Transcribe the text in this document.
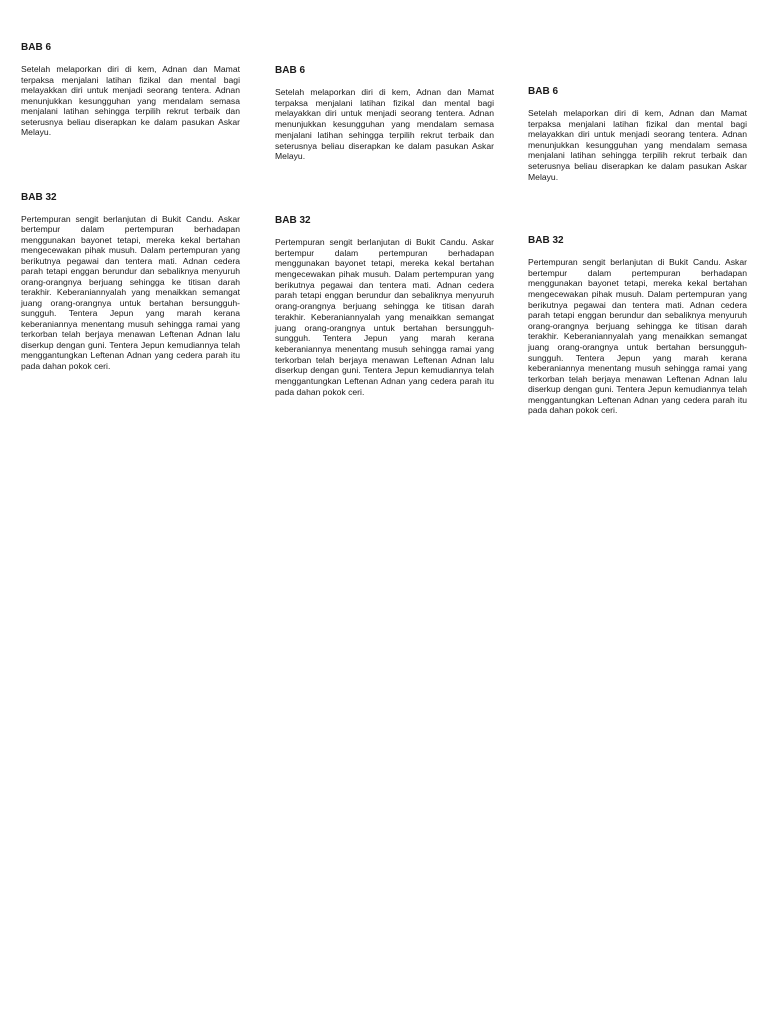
BAB 6

Setelah melaporkan diri di kem, Adnan dan Mamat terpaksa menjalani latihan fizikal dan mental bagi melayakkan diri untuk menjadi seorang tentera. Adnan menunjukkan kesungguhan yang mendalam semasa menjalani latihan sehingga terpilih rekrut terbaik dan seterusnya beliau diserapkan ke dalam pasukan Askar Melayu.

BAB 32

Pertempuran sengit berlanjutan di Bukit Candu. Askar bertempur dalam pertempuran berhadapan menggunakan bayonet tetapi, mereka kekal bertahan mengecewakan pihak musuh. Dalam pertempuran yang berikutnya pegawai dan tentera mati. Adnan cedera parah tetapi enggan berundur dan sebaliknya menyuruh orang-orangnya berjuang sehingga ke titisan darah terakhir. Keberaniannyalah yang menaikkan semangat juang orang-orangnya untuk bertahan bersungguh-sungguh. Tentera Jepun yang marah kerana keberaniannya menentang musuh sehingga ramai yang terkorban telah berjaya menawan Leftenan Adnan lalu diserkup dengan guni. Tentera Jepun kemudiannya telah menggantungkan Leftenan Adnan yang cedera parah itu pada dahan pokok ceri.

BAB 6

Setelah melaporkan diri di kem, Adnan dan Mamat terpaksa menjalani latihan fizikal dan mental bagi melayakkan diri untuk menjadi seorang tentera. Adnan menunjukkan kesungguhan yang mendalam semasa menjalani latihan sehingga terpilih rekrut terbaik dan seterusnya beliau diserapkan ke dalam pasukan Askar Melayu.

BAB 32

Pertempuran sengit berlanjutan di Bukit Candu. Askar bertempur dalam pertempuran berhadapan menggunakan bayonet tetapi, mereka kekal bertahan mengecewakan pihak musuh. Dalam pertempuran yang berikutnya pegawai dan tentera mati. Adnan cedera parah tetapi enggan berundur dan sebaliknya menyuruh orang-orangnya berjuang sehingga ke titisan darah terakhir. Keberaniannyalah yang menaikkan semangat juang orang-orangnya untuk bertahan bersungguh-sungguh. Tentera Jepun yang marah kerana keberaniannya menentang musuh sehingga ramai yang terkorban telah berjaya menawan Leftenan Adnan lalu diserkup dengan guni. Tentera Jepun kemudiannya telah menggantungkan Leftenan Adnan yang cedera parah itu pada dahan pokok ceri.

BAB 6

Setelah melaporkan diri di kem, Adnan dan Mamat terpaksa menjalani latihan fizikal dan mental bagi melayakkan diri untuk menjadi seorang tentera. Adnan menunjukkan kesungguhan yang mendalam semasa menjalani latihan sehingga terpilih rekrut terbaik dan seterusnya beliau diserapkan ke dalam pasukan Askar Melayu.

BAB 32

Pertempuran sengit berlanjutan di Bukit Candu. Askar bertempur dalam pertempuran berhadapan menggunakan bayonet tetapi, mereka kekal bertahan mengecewakan pihak musuh. Dalam pertempuran yang berikutnya pegawai dan tentera mati. Adnan cedera parah tetapi enggan berundur dan sebaliknya menyuruh orang-orangnya berjuang sehingga ke titisan darah terakhir. Keberaniannyalah yang menaikkan semangat juang orang-orangnya untuk bertahan bersungguh-sungguh. Tentera Jepun yang marah kerana keberaniannya menentang musuh sehingga ramai yang terkorban telah berjaya menawan Leftenan Adnan lalu diserkup dengan guni. Tentera Jepun kemudiannya telah menggantungkan Leftenan Adnan yang cedera parah itu pada dahan pokok ceri.
